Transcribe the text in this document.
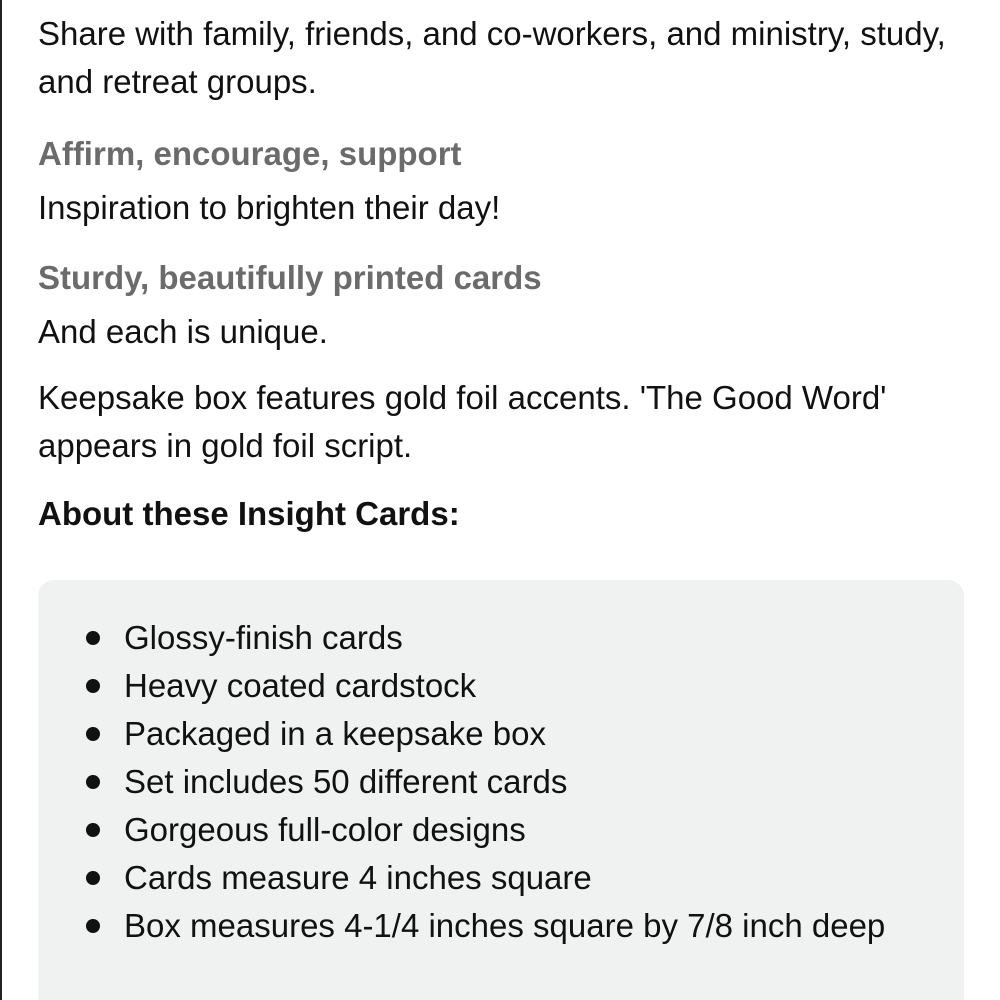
Share with family, friends, and co-workers, and ministry, study, and retreat groups.

Affirm, encourage, support

Inspiration to brighten their day!

Sturdy, beautifully printed cards

And each is unique.

Keepsake box features gold foil accents. 'The Good Word' appears in gold foil script.

About these Insight Cards:
Glossy-finish cards
Heavy coated cardstock
Packaged in a keepsake box
Set includes 50 different cards
Gorgeous full-color designs
Cards measure 4 inches square
Box measures 4-1/4 inches square by 7/8 inch deep
